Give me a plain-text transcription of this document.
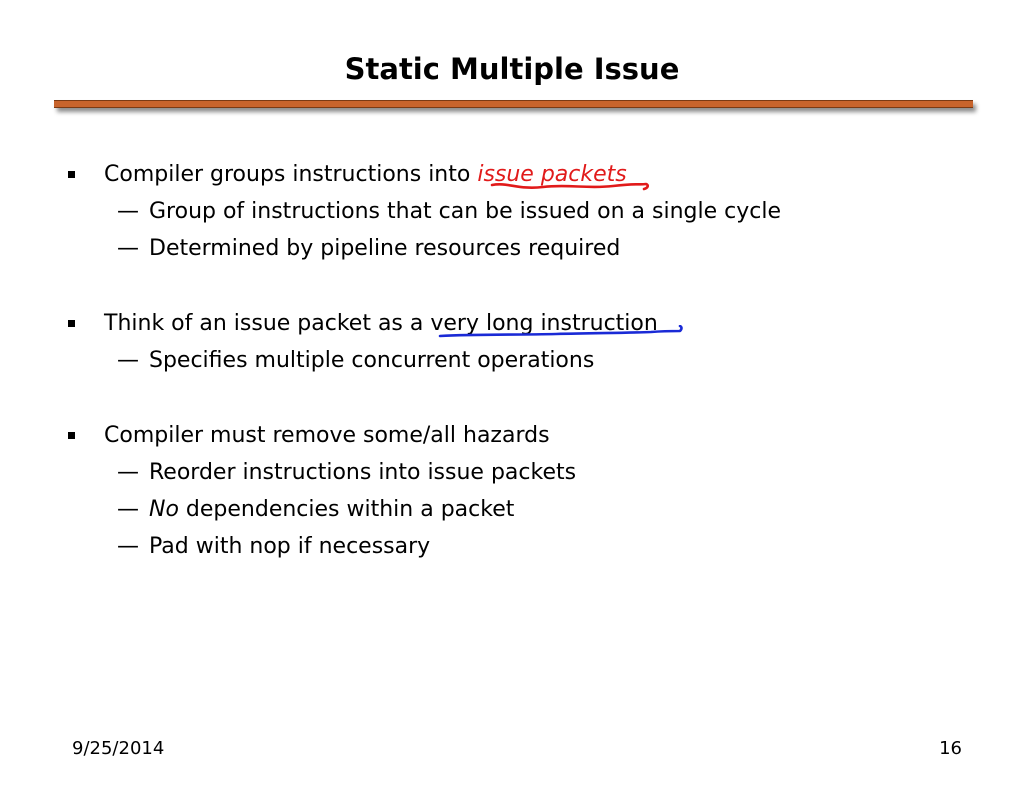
Static Multiple Issue
Compiler groups instructions into issue packets
— Group of instructions that can be issued on a single cycle
— Determined by pipeline resources required
Think of an issue packet as a very long instruction
— Specifies multiple concurrent operations
Compiler must remove some/all hazards
— Reorder instructions into issue packets
— No dependencies within a packet
— Pad with nop if necessary
9/25/2014	16
